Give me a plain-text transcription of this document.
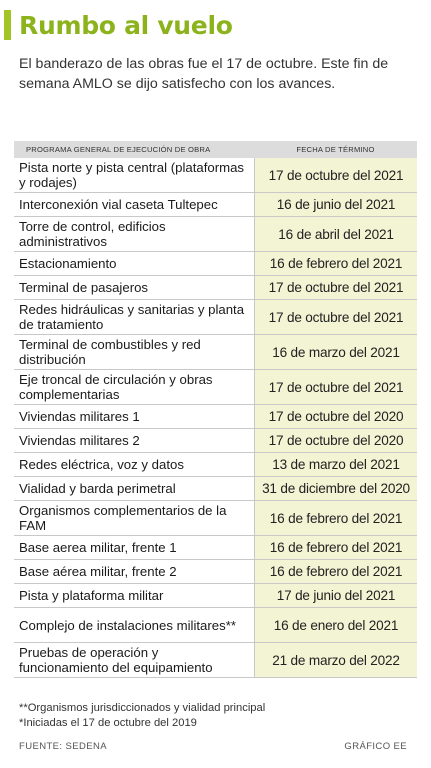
Rumbo al vuelo
El banderazo de las obras fue el 17 de octubre. Este fin de semana AMLO se dijo satisfecho con los avances.
PROGRAMA GENERAL DE EJECUCIÓN DE OBRA	FECHA DE TÉRMINO
Pista norte y pista central (plataformas y rodajes)	17 de octubre del 2021
Interconexión vial caseta Tultepec	16 de junio del 2021
Torre de control, edificios administrativos	16 de abril del 2021
Estacionamiento	16 de febrero del 2021
Terminal de pasajeros	17 de octubre del 2021
Redes hidráulicas y sanitarias y planta de tratamiento	17 de octubre del 2021
Terminal de combustibles y red distribución	16 de marzo del 2021
Eje troncal de circulación y obras complementarias	17 de octubre del 2021
Viviendas militares 1	17 de octubre del 2020
Viviendas militares 2	17 de octubre del 2020
Redes eléctrica, voz y datos	13 de marzo del 2021
Vialidad y barda perimetral	31 de diciembre del 2020
Organismos complementarios de la FAM	16 de febrero del 2021
Base aerea militar, frente 1	16 de febrero del 2021
Base aérea militar, frente 2	16 de febrero del 2021
Pista y plataforma militar	17 de junio del 2021
Complejo de instalaciones militares**	16 de enero del 2021
Pruebas de operación y funcionamiento del equipamiento	21 de marzo del 2022
**Organismos jurisdiccionados y vialidad principal
*Iniciadas el 17 de octubre del 2019
FUENTE: SEDENA	GRÁFICO EE
